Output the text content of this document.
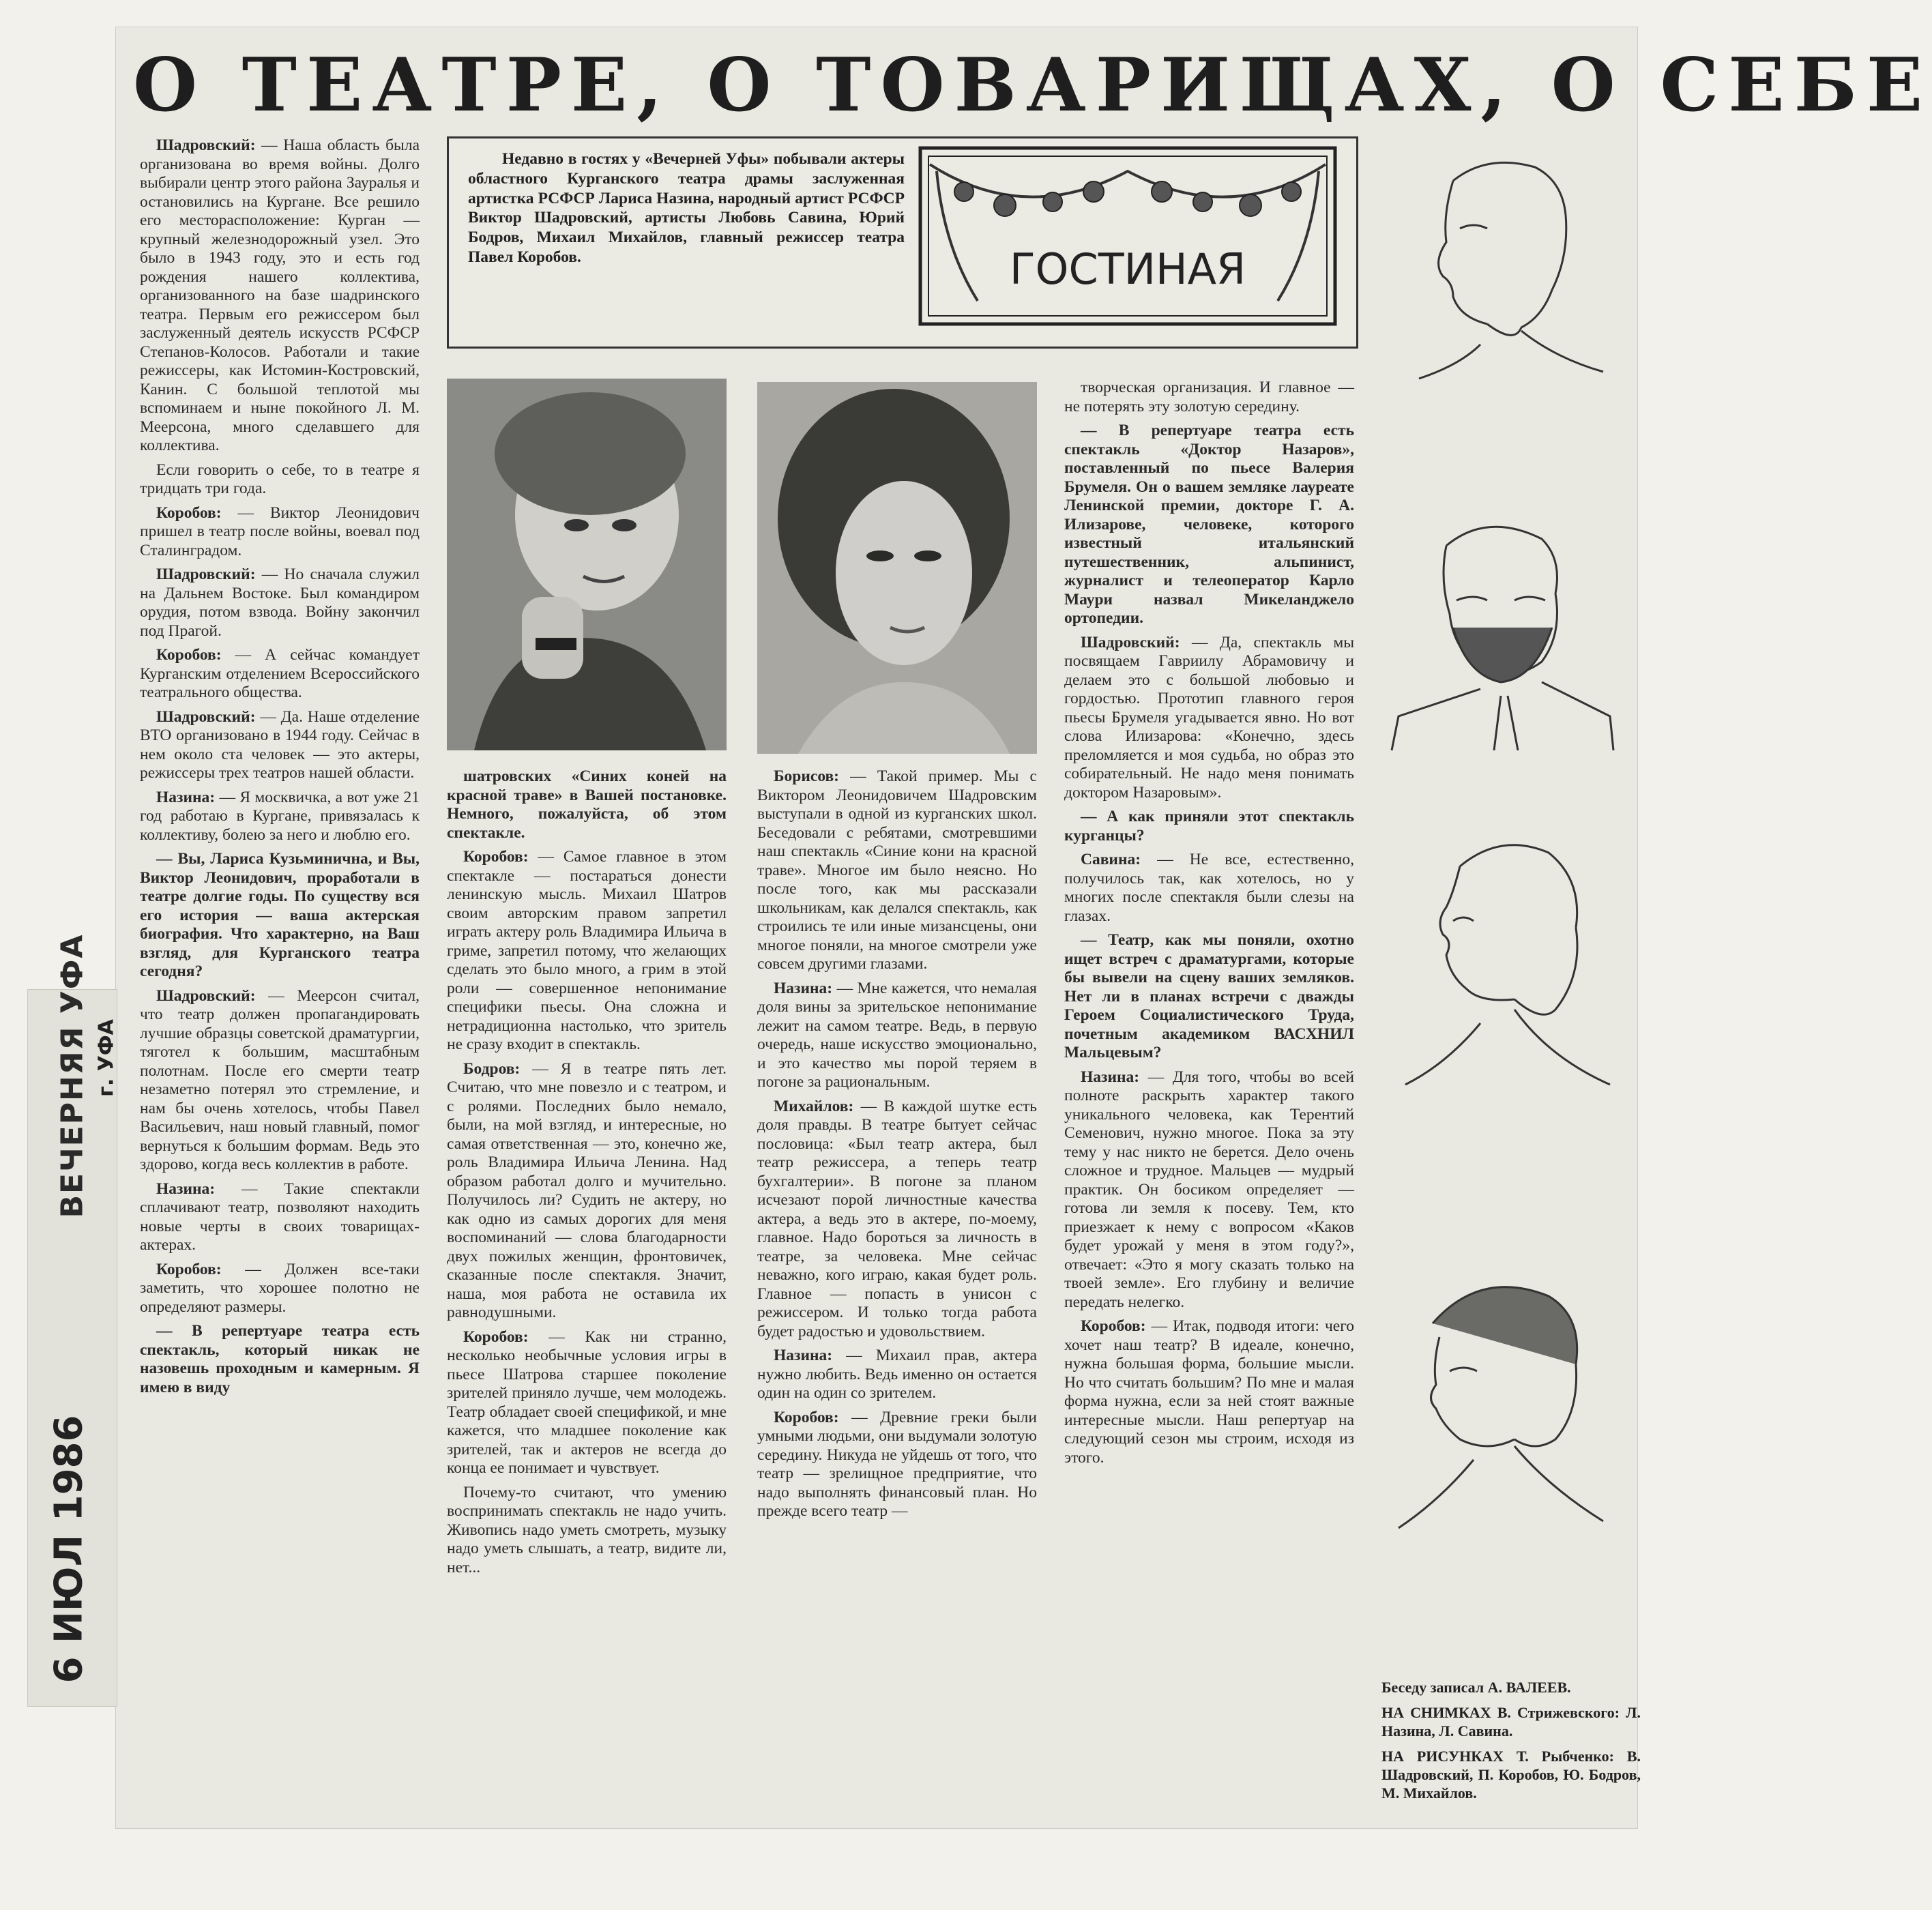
О ТЕАТРЕ, О ТОВАРИЩАХ, О СЕБЕ
ВЕЧЕРНЯЯ УФА г. УФА
6 ИЮЛ 1986
Недавно в гостях у «Вечерней Уфы» побывали актеры областного Курганского театра драмы заслуженная артистка РСФСР Лариса Назина, народный артист РСФСР Виктор Шадровский, артисты Любовь Савина, Юрий Бодров, Михаил Михайлов, главный режиссер театра Павел Коробов.	ГОСТИНАЯ

Шадровский: — Наша область была организована во время войны. Долго выбирали центр этого района Зауралья и остановились на Кургане. Все решило его месторасположение: Курган — крупный железнодорожный узел. Это было в 1943 году, это и есть год рождения нашего коллектива, организованного на базе шадринского театра. Первым его режиссером был заслуженный деятель искусств РСФСР Степанов-Колосов. Работали и такие режиссеры, как Истомин-Костровский, Канин. С большой теплотой мы вспоминаем и ныне покойного Л. М. Меерсона, много сделавшего для коллектива.

Если говорить о себе, то в театре я тридцать три года.

Коробов: — Виктор Леонидович пришел в театр после войны, воевал под Сталинградом.

Шадровский: — Но сначала служил на Дальнем Востоке. Был командиром орудия, потом взвода. Войну закончил под Прагой.

Коробов: — А сейчас командует Курганским отделением Всероссийского театрального общества.

Шадровский: — Да. Наше отделение ВТО организовано в 1944 году. Сейчас в нем около ста человек — это актеры, режиссеры трех театров нашей области.

Назина: — Я москвичка, а вот уже 21 год работаю в Кургане, привязалась к коллективу, болею за него и люблю его.

— Вы, Лариса Кузьминична, и Вы, Виктор Леонидович, проработали в театре долгие годы. По существу вся его история — ваша актерская биография. Что характерно, на Ваш взгляд, для Курганского театра сегодня?

Шадровский: — Меерсон считал, что театр должен пропагандировать лучшие образцы советской драматургии, тяготел к большим, масштабным полотнам. После его смерти театр незаметно потерял это стремление, и нам бы очень хотелось, чтобы Павел Васильевич, наш новый главный, помог вернуться к большим формам. Ведь это здорово, когда весь коллектив в работе.

Назина: — Такие спектакли сплачивают театр, позволяют находить новые черты в своих товарищах-актерах.

Коробов: — Должен все-таки заметить, что хорошее полотно не определяют размеры.

— В репертуаре театра есть спектакль, который никак не назовешь проходным и камерным. Я имею в виду

шатровских «Синих коней на красной траве» в Вашей постановке. Немного, пожалуйста, об этом спектакле.

Коробов: — Самое главное в этом спектакле — постараться донести ленинскую мысль. Михаил Шатров своим авторским правом запретил играть актеру роль Владимира Ильича в гриме, запретил потому, что желающих сделать это было много, а грим в этой роли — совершенное непонимание специфики пьесы. Она сложна и нетрадиционна настолько, что зритель не сразу входит в спектакль.

Бодров: — Я в театре пять лет. Считаю, что мне повезло и с театром, и с ролями. Последних было немало, были, на мой взгляд, и интересные, но самая ответственная — это, конечно же, роль Владимира Ильича Ленина. Над образом работал долго и мучительно. Получилось ли? Судить не актеру, но как одно из самых дорогих для меня воспоминаний — слова благодарности двух пожилых женщин, фронтовичек, сказанные после спектакля. Значит, наша, моя работа не оставила их равнодушными.

Коробов: — Как ни странно, несколько необычные условия игры в пьесе Шатрова старшее поколение зрителей приняло лучше, чем молодежь. Театр обладает своей спецификой, и мне кажется, что младшее поколение как зрителей, так и актеров не всегда до конца ее понимает и чувствует.

Почему-то считают, что умению воспринимать спектакль не надо учить. Живопись надо уметь смотреть, музыку надо уметь слышать, а театр, видите ли, нет...

Борисов: — Такой пример. Мы с Виктором Леонидовичем Шадровским выступали в одной из курганских школ. Беседовали с ребятами, смотревшими наш спектакль «Синие кони на красной траве». Многое им было неясно. Но после того, как мы рассказали школьникам, как делался спектакль, как строились те или иные мизансцены, они многое поняли, на многое смотрели уже совсем другими глазами.

Назина: — Мне кажется, что немалая доля вины за зрительское непонимание лежит на самом театре. Ведь, в первую очередь, наше искусство эмоционально, и это качество мы порой теряем в погоне за рациональным.

Михайлов: — В каждой шутке есть доля правды. В театре бытует сейчас пословица: «Был театр актера, был театр режиссера, а теперь театр бухгалтерии». В погоне за планом исчезают порой личностные качества актера, а ведь это в актере, по-моему, главное. Надо бороться за личность в театре, за человека. Мне сейчас неважно, кого играю, какая будет роль. Главное — попасть в унисон с режиссером. И только тогда работа будет радостью и удовольствием.

Назина: — Михаил прав, актера нужно любить. Ведь именно он остается один на один со зрителем.

Коробов: — Древние греки были умными людьми, они выдумали золотую середину. Никуда не уйдешь от того, что театр — зрелищное предприятие, что надо выполнять финансовый план. Но прежде всего театр —

творческая организация. И главное — не потерять эту золотую середину.

— В репертуаре театра есть спектакль «Доктор Назаров», поставленный по пьесе Валерия Брумеля. Он о вашем земляке лауреате Ленинской премии, докторе Г. А. Илизарове, человеке, которого известный итальянский путешественник, альпинист, журналист и телеоператор Карло Маури назвал Микеланджело ортопедии.

Шадровский: — Да, спектакль мы посвящаем Гавриилу Абрамовичу и делаем это с большой любовью и гордостью. Прототип главного героя пьесы Брумеля угадывается явно. Но вот слова Илизарова: «Конечно, здесь преломляется и моя судьба, но образ это собирательный. Не надо меня понимать доктором Назаровым».

— А как приняли этот спектакль курганцы?

Савина: — Не все, естественно, получилось так, как хотелось, но у многих после спектакля были слезы на глазах.

— Театр, как мы поняли, охотно ищет встреч с драматургами, которые бы вывели на сцену ваших земляков. Нет ли в планах встречи с дважды Героем Социалистического Труда, почетным академиком ВАСХНИЛ Мальцевым?

Назина: — Для того, чтобы во всей полноте раскрыть характер такого уникального человека, как Терентий Семенович, нужно многое. Пока за эту тему у нас никто не берется. Дело очень сложное и трудное. Мальцев — мудрый практик. Он босиком определяет — готова ли земля к посеву. Тем, кто приезжает к нему с вопросом «Каков будет урожай у меня в этом году?», отвечает: «Это я могу сказать только на твоей земле». Его глубину и величие передать нелегко.

Коробов: — Итак, подводя итоги: чего хочет наш театр? В идеале, конечно, нужна большая форма, большие мысли. Но что считать большим? По мне и малая форма нужна, если за ней стоят важные интересные мысли. Наш репертуар на следующий сезон мы строим, исходя из этого.

Беседу записал А. ВАЛЕЕВ.

НА СНИМКАХ В. Стрижевского: Л. Назина, Л. Савина.

НА РИСУНКАХ Т. Рыбченко: В. Шадровский, П. Коробов, Ю. Бодров, М. Михайлов.
